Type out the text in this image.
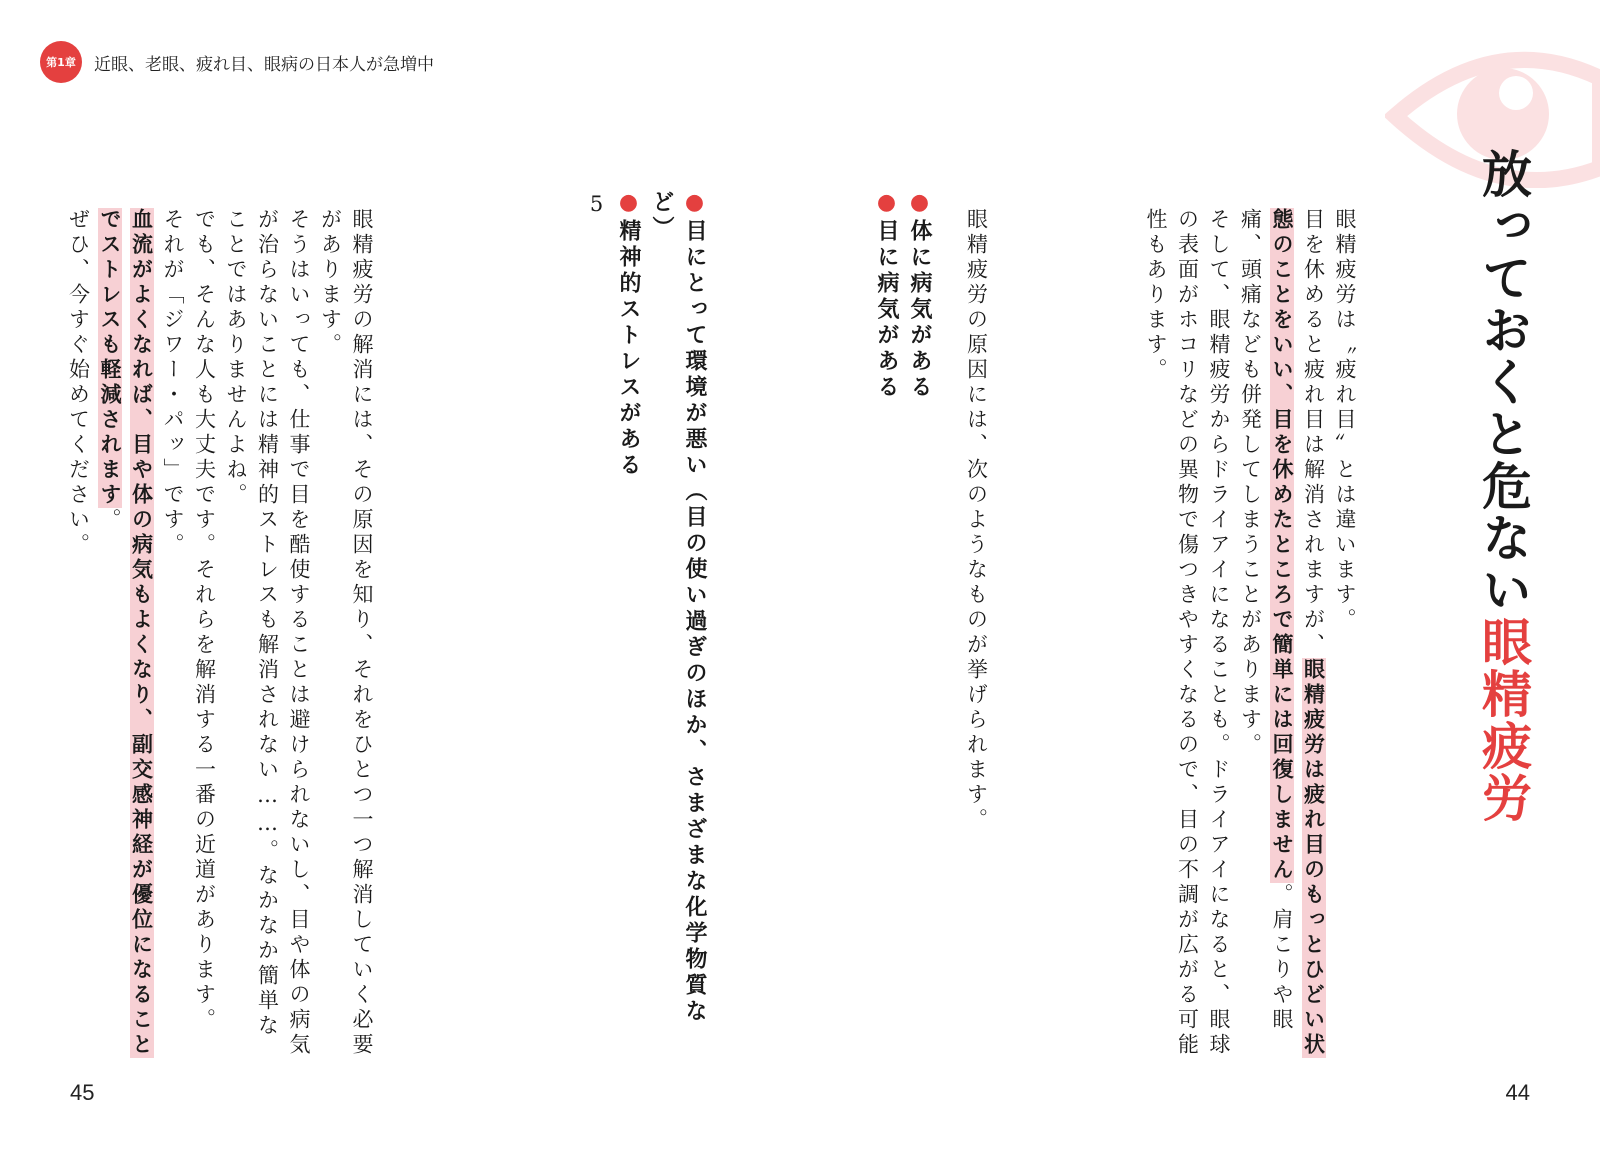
第1章	近眼、老眼、疲れ目、眼病の日本人が急増中
放っておくと危ない眼精疲労

眼精疲労は〝疲れ目〟とは違います。

目を休めると疲れ目は解消されますが、眼精疲労は疲れ目のもっとひどい状態のことをいい、目を休めたところで簡単には回復しません。肩こりや眼痛、頭痛なども併発してしまうことがあります。

そして、眼精疲労からドライアイになることも。ドライアイになると、眼球の表面がホコリなどの異物で傷つきやすくなるので、目の不調が広がる可能性もあります。

眼精疲労の原因には、次のようなものが挙げられます。

●体に病気がある

●目に病気がある

●目にとって環境が悪い（目の使い過ぎのほか、さまざまな化学物質など）

●精神的ストレスがある

5

眼精疲労の解消には、その原因を知り、それをひとつ一つ解消していく必要があります。

そうはいっても、仕事で目を酷使することは避けられないし、目や体の病気が治らないことには精神的ストレスも解消されない……。なかなか簡単なことではありませんよね。

でも、そんな人も大丈夫です。それらを解消する一番の近道があります。

それが「ジワー・パッ」です。

血流がよくなれば、目や体の病気もよくなり、副交感神経が優位になることでストレスも軽減されます。

ぜひ、今すぐ始めてください。

45	44
